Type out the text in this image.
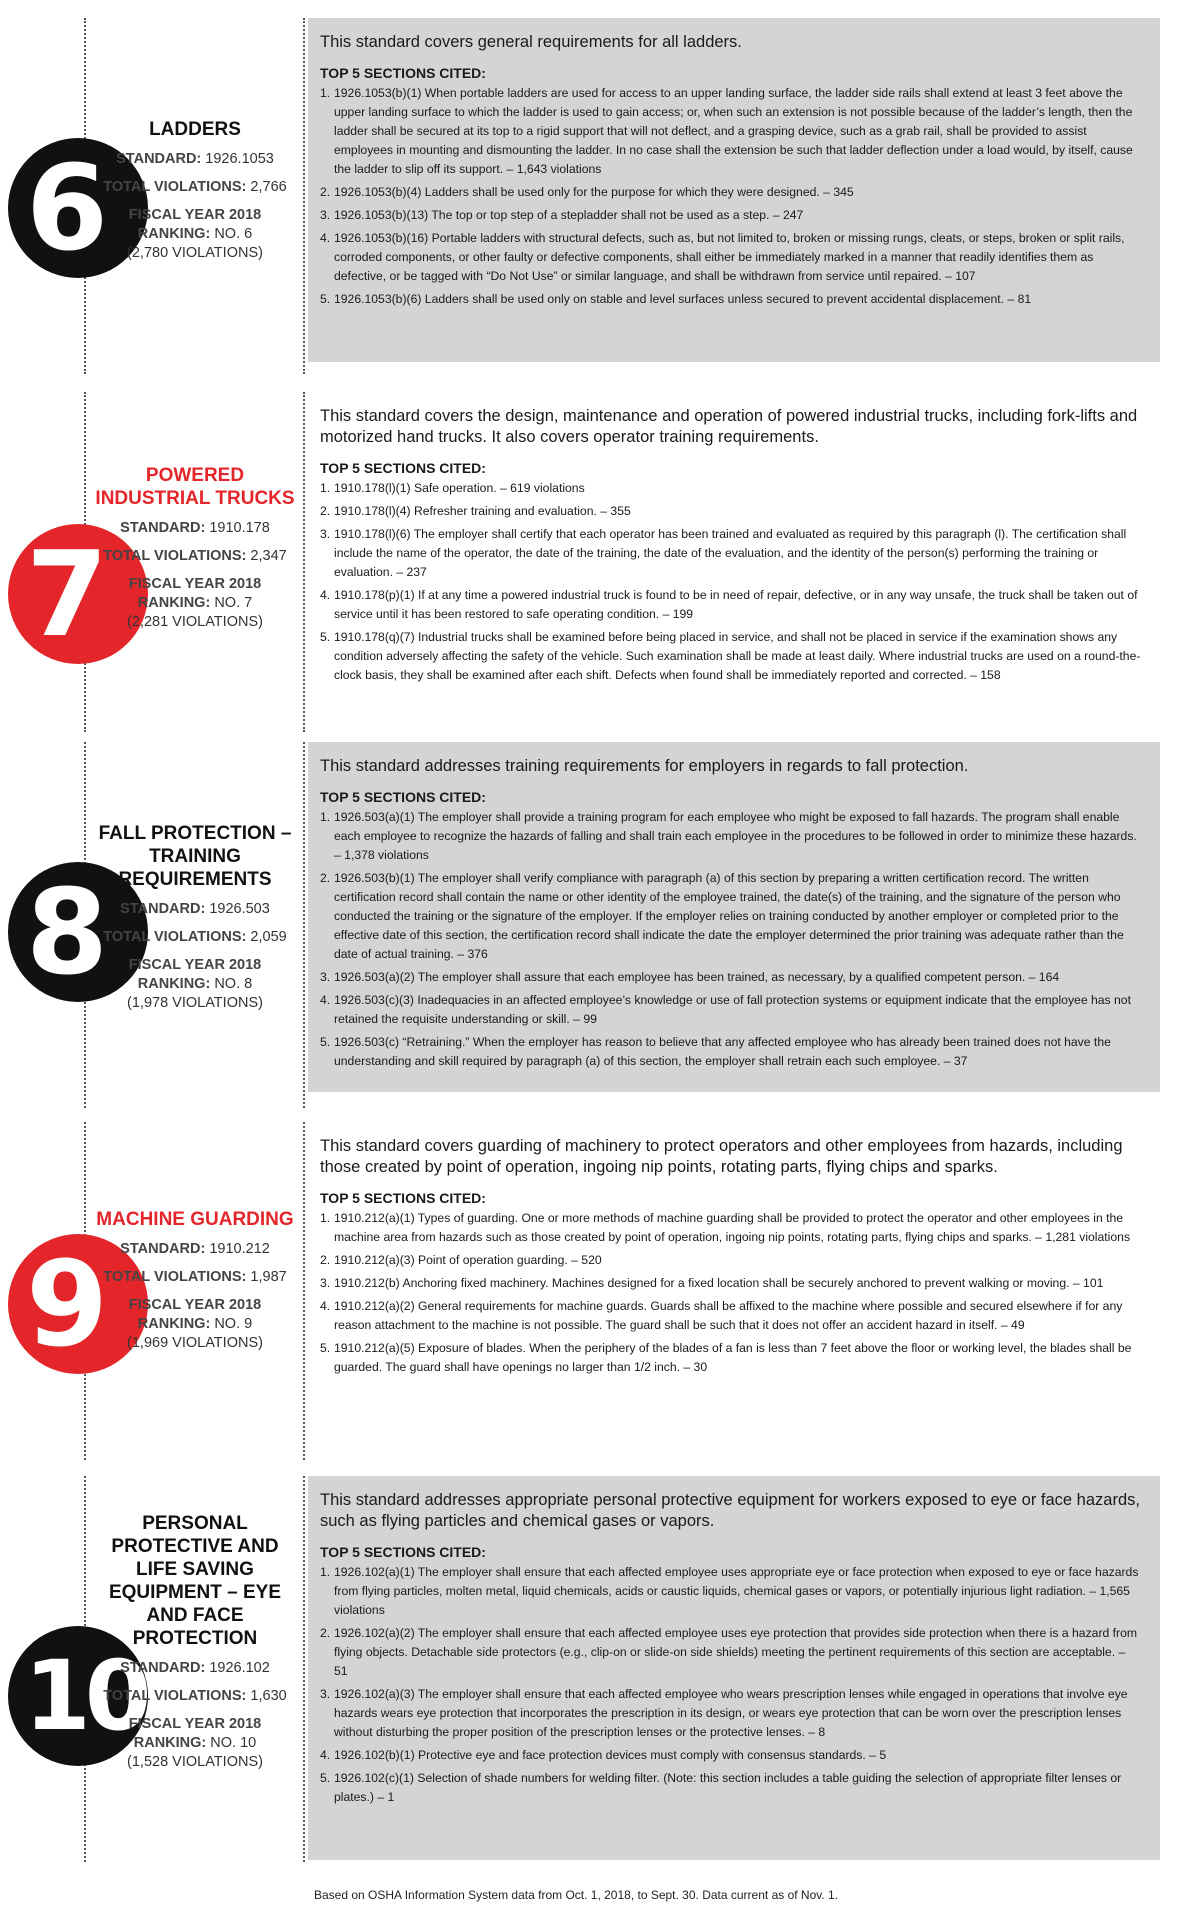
6
LADDERS
STANDARD: 1926.1053
TOTAL VIOLATIONS: 2,766
FISCAL YEAR 2018
RANKING: NO. 6
(2,780 VIOLATIONS)

This standard covers general requirements for all ladders.

TOP 5 SECTIONS CITED:

1. 1926.1053(b)(1) When portable ladders are used for access to an upper landing surface, the ladder side rails shall extend at least 3 feet above the upper landing surface to which the ladder is used to gain access; or, when such an extension is not possible because of the ladder’s length, then the ladder shall be secured at its top to a rigid support that will not deflect, and a grasping device, such as a grab rail, shall be provided to assist employees in mounting and dismounting the ladder. In no case shall the extension be such that ladder deflection under a load would, by itself, cause the ladder to slip off its support. – 1,643 violations
2. 1926.1053(b)(4) Ladders shall be used only for the purpose for which they were designed. – 345
3. 1926.1053(b)(13) The top or top step of a stepladder shall not be used as a step. – 247
4. 1926.1053(b)(16) Portable ladders with structural defects, such as, but not limited to, broken or missing rungs, cleats, or steps, broken or split rails, corroded components, or other faulty or defective components, shall either be immediately marked in a manner that readily identifies them as defective, or be tagged with “Do Not Use” or similar language, and shall be withdrawn from service until repaired. – 107
5. 1926.1053(b)(6) Ladders shall be used only on stable and level surfaces unless secured to prevent accidental displacement. – 81
7
POWERED INDUSTRIAL TRUCKS
STANDARD: 1910.178
TOTAL VIOLATIONS: 2,347
FISCAL YEAR 2018
RANKING: NO. 7
(2,281 VIOLATIONS)

This standard covers the design, maintenance and operation of powered industrial trucks, including fork-lifts and motorized hand trucks. It also covers operator training requirements.

TOP 5 SECTIONS CITED:

1. 1910.178(l)(1) Safe operation. – 619 violations
2. 1910.178(l)(4) Refresher training and evaluation. – 355
3. 1910.178(l)(6) The employer shall certify that each operator has been trained and evaluated as required by this paragraph (l). The certification shall include the name of the operator, the date of the training, the date of the evaluation, and the identity of the person(s) performing the training or evaluation. – 237
4. 1910.178(p)(1) If at any time a powered industrial truck is found to be in need of repair, defective, or in any way unsafe, the truck shall be taken out of service until it has been restored to safe operating condition. – 199
5. 1910.178(q)(7) Industrial trucks shall be examined before being placed in service, and shall not be placed in service if the examination shows any condition adversely affecting the safety of the vehicle. Such examination shall be made at least daily. Where industrial trucks are used on a round-the-clock basis, they shall be examined after each shift. Defects when found shall be immediately reported and corrected. – 158
8
FALL PROTECTION – TRAINING REQUIREMENTS
STANDARD: 1926.503
TOTAL VIOLATIONS: 2,059
FISCAL YEAR 2018
RANKING: NO. 8
(1,978 VIOLATIONS)

This standard addresses training requirements for employers in regards to fall protection.

TOP 5 SECTIONS CITED:

1. 1926.503(a)(1) The employer shall provide a training program for each employee who might be exposed to fall hazards. The program shall enable each employee to recognize the hazards of falling and shall train each employee in the procedures to be followed in order to minimize these hazards. – 1,378 violations
2. 1926.503(b)(1) The employer shall verify compliance with paragraph (a) of this section by preparing a written certification record. The written certification record shall contain the name or other identity of the employee trained, the date(s) of the training, and the signature of the person who conducted the training or the signature of the employer. If the employer relies on training conducted by another employer or completed prior to the effective date of this section, the certification record shall indicate the date the employer determined the prior training was adequate rather than the date of actual training. – 376
3. 1926.503(a)(2) The employer shall assure that each employee has been trained, as necessary, by a qualified competent person. – 164
4. 1926.503(c)(3) Inadequacies in an affected employee’s knowledge or use of fall protection systems or equipment indicate that the employee has not retained the requisite understanding or skill. – 99
5. 1926.503(c) “Retraining.” When the employer has reason to believe that any affected employee who has already been trained does not have the understanding and skill required by paragraph (a) of this section, the employer shall retrain each such employee. – 37
9
MACHINE GUARDING
STANDARD: 1910.212
TOTAL VIOLATIONS: 1,987
FISCAL YEAR 2018
RANKING: NO. 9
(1,969 VIOLATIONS)

This standard covers guarding of machinery to protect operators and other employees from hazards, including those created by point of operation, ingoing nip points, rotating parts, flying chips and sparks.

TOP 5 SECTIONS CITED:

1. 1910.212(a)(1) Types of guarding. One or more methods of machine guarding shall be provided to protect the operator and other employees in the machine area from hazards such as those created by point of operation, ingoing nip points, rotating parts, flying chips and sparks. – 1,281 violations
2. 1910.212(a)(3) Point of operation guarding. – 520
3. 1910.212(b) Anchoring fixed machinery. Machines designed for a fixed location shall be securely anchored to prevent walking or moving. – 101
4. 1910.212(a)(2) General requirements for machine guards. Guards shall be affixed to the machine where possible and secured elsewhere if for any reason attachment to the machine is not possible. The guard shall be such that it does not offer an accident hazard in itself. – 49
5. 1910.212(a)(5) Exposure of blades. When the periphery of the blades of a fan is less than 7 feet above the floor or working level, the blades shall be guarded. The guard shall have openings no larger than 1/2 inch. – 30
10
PERSONAL PROTECTIVE AND LIFE SAVING EQUIPMENT – EYE AND FACE PROTECTION
STANDARD: 1926.102
TOTAL VIOLATIONS: 1,630
FISCAL YEAR 2018
RANKING: NO. 10
(1,528 VIOLATIONS)

This standard addresses appropriate personal protective equipment for workers exposed to eye or face hazards, such as flying particles and chemical gases or vapors.

TOP 5 SECTIONS CITED:

1. 1926.102(a)(1) The employer shall ensure that each affected employee uses appropriate eye or face protection when exposed to eye or face hazards from flying particles, molten metal, liquid chemicals, acids or caustic liquids, chemical gases or vapors, or potentially injurious light radiation. – 1,565 violations
2. 1926.102(a)(2) The employer shall ensure that each affected employee uses eye protection that provides side protection when there is a hazard from flying objects. Detachable side protectors (e.g., clip-on or slide-on side shields) meeting the pertinent requirements of this section are acceptable. – 51
3. 1926.102(a)(3) The employer shall ensure that each affected employee who wears prescription lenses while engaged in operations that involve eye hazards wears eye protection that incorporates the prescription in its design, or wears eye protection that can be worn over the prescription lenses without disturbing the proper position of the prescription lenses or the protective lenses. – 8
4. 1926.102(b)(1) Protective eye and face protection devices must comply with consensus standards. – 5
5. 1926.102(c)(1) Selection of shade numbers for welding filter. (Note: this section includes a table guiding the selection of appropriate filter lenses or plates.) – 1

Based on OSHA Information System data from Oct. 1, 2018, to Sept. 30. Data current as of Nov. 1.
